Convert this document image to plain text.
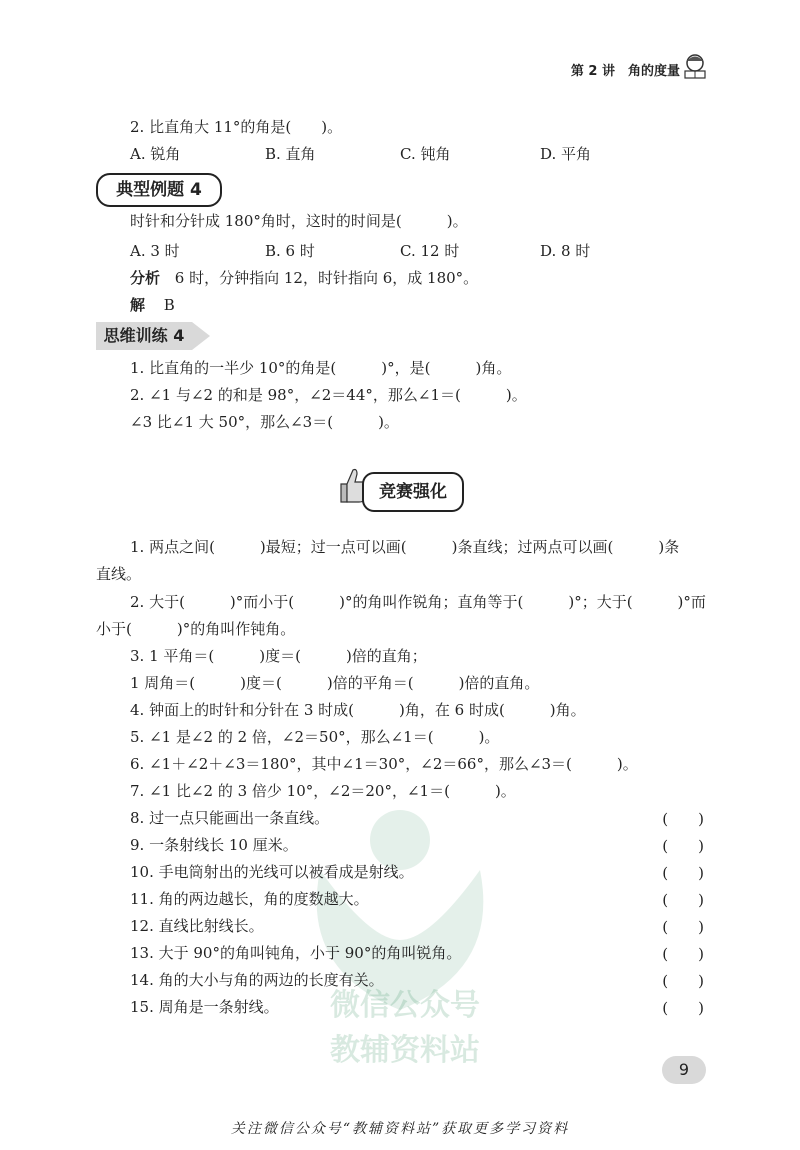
第 2 讲　角的度量
2. 比直角大 11°的角是(　　)。
A. 锐角	B. 直角	C. 钝角	D. 平角
典型例题 4
时针和分针成 180°角时，这时的时间是(　　　)。
A. 3 时	B. 6 时	C. 12 时	D. 8 时
分析 6 时，分钟指向 12，时针指向 6，成 180°。
解 B
思维训练 4
1. 比直角的一半少 10°的角是(　　　)°，是(　　　)角。
2. ∠1 与∠2 的和是 98°，∠2＝44°，那么∠1＝(　　　)。
∠3 比∠1 大 50°，那么∠3＝(　　　)。
竞赛强化
1. 两点之间(　　　)最短；过一点可以画(　　　)条直线；过两点可以画(　　　)条
直线。
2. 大于(　　　)°而小于(　　　)°的角叫作锐角；直角等于(　　　)°；大于(　　　)°而
小于(　　　)°的角叫作钝角。
3. 1 平角＝(　　　)度＝(　　　)倍的直角；
1 周角＝(　　　)度＝(　　　)倍的平角＝(　　　)倍的直角。
4. 钟面上的时针和分针在 3 时成(　　　)角，在 6 时成(　　　)角。
5. ∠1 是∠2 的 2 倍，∠2＝50°，那么∠1＝(　　　)。
6. ∠1＋∠2＋∠3＝180°，其中∠1＝30°，∠2＝66°，那么∠3＝(　　　)。
7. ∠1 比∠2 的 3 倍少 10°，∠2＝20°，∠1＝(　　　)。
微信公众号
教辅资料站
8. 过一点只能画出一条直线。	(　　)
9. 一条射线长 10 厘米。	(　　)
10. 手电筒射出的光线可以被看成是射线。	(　　)
11. 角的两边越长，角的度数越大。	(　　)
12. 直线比射线长。	(　　)
13. 大于 90°的角叫钝角，小于 90°的角叫锐角。	(　　)
14. 角的大小与角的两边的长度有关。	(　　)
15. 周角是一条射线。	(　　)
9
关注微信公众号“教辅资料站”获取更多学习资料
